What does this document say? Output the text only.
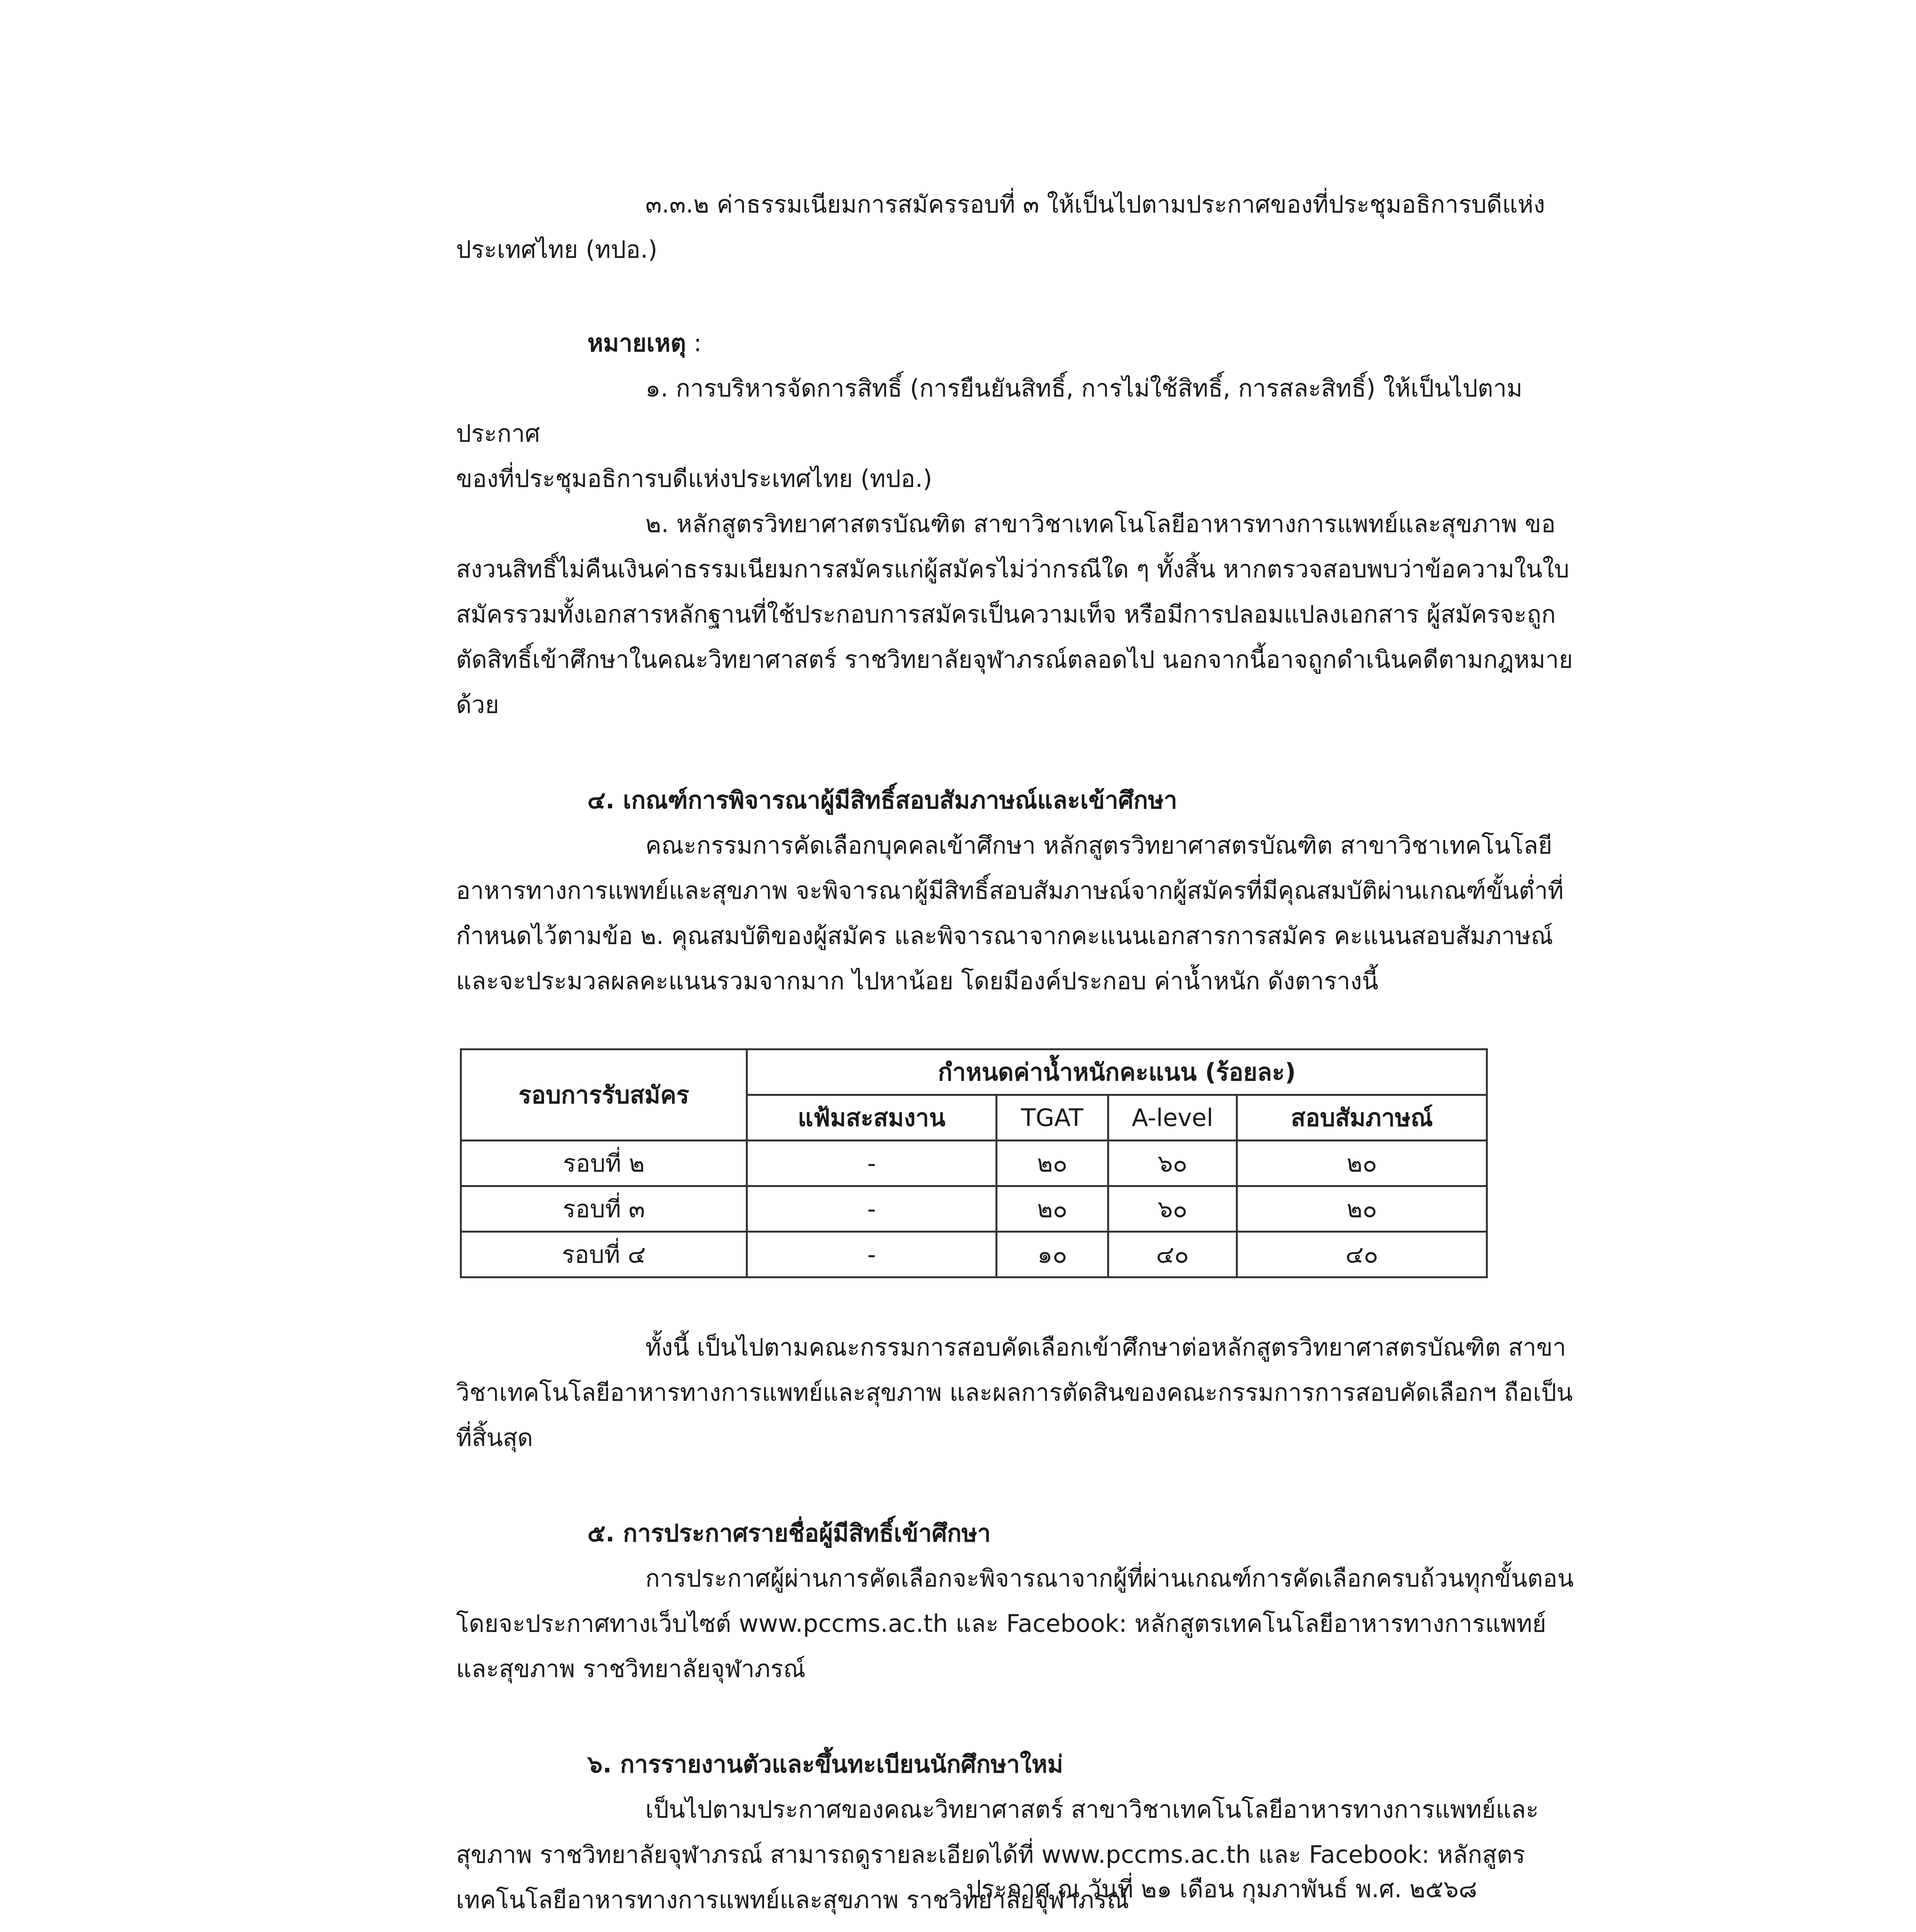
๓.๓.๒ ค่าธรรมเนียมการสมัครรอบที่ ๓ ให้เป็นไปตามประกาศของที่ประชุมอธิการบดีแห่ง

ประเทศไทย (ทปอ.)

หมายเหตุ :

๑. การบริหารจัดการสิทธิ์ (การยืนยันสิทธิ์, การไม่ใช้สิทธิ์, การสละสิทธิ์) ให้เป็นไปตามประกาศ

ของที่ประชุมอธิการบดีแห่งประเทศไทย (ทปอ.)

๒. หลักสูตรวิทยาศาสตรบัณฑิต สาขาวิชาเทคโนโลยีอาหารทางการแพทย์และสุขภาพ ขอ

สงวนสิทธิ์ไม่คืนเงินค่าธรรมเนียมการสมัครแก่ผู้สมัครไม่ว่ากรณีใด ๆ ทั้งสิ้น หากตรวจสอบพบว่าข้อความในใบ

สมัครรวมทั้งเอกสารหลักฐานที่ใช้ประกอบการสมัครเป็นความเท็จ หรือมีการปลอมแปลงเอกสาร ผู้สมัครจะถูก

ตัดสิทธิ์เข้าศึกษาในคณะวิทยาศาสตร์ ราชวิทยาลัยจุฬาภรณ์ตลอดไป นอกจากนี้อาจถูกดำเนินคดีตามกฎหมาย

ด้วย

๔. เกณฑ์การพิจารณาผู้มีสิทธิ์สอบสัมภาษณ์และเข้าศึกษา

คณะกรรมการคัดเลือกบุคคลเข้าศึกษา หลักสูตรวิทยาศาสตรบัณฑิต สาขาวิชาเทคโนโลยี

อาหารทางการแพทย์และสุขภาพ จะพิจารณาผู้มีสิทธิ์สอบสัมภาษณ์จากผู้สมัครที่มีคุณสมบัติผ่านเกณฑ์ขั้นต่ำที่

กำหนดไว้ตามข้อ ๒. คุณสมบัติของผู้สมัคร และพิจารณาจากคะแนนเอกสารการสมัคร คะแนนสอบสัมภาษณ์

และจะประมวลผลคะแนนรวมจากมาก ไปหาน้อย โดยมีองค์ประกอบ ค่าน้ำหนัก ดังตารางนี้

รอบการรับสมัคร	กำหนดค่าน้ำหนักคะแนน (ร้อยละ)			
	แฟ้มสะสมงาน	TGAT	A-level	สอบสัมภาษณ์
รอบที่ ๒	-	๒๐	๖๐	๒๐
รอบที่ ๓	-	๒๐	๖๐	๒๐
รอบที่ ๔	-	๑๐	๔๐	๔๐

ทั้งนี้ เป็นไปตามคณะกรรมการสอบคัดเลือกเข้าศึกษาต่อหลักสูตรวิทยาศาสตรบัณฑิต สาขา

วิชาเทคโนโลยีอาหารทางการแพทย์และสุขภาพ และผลการตัดสินของคณะกรรมการการสอบคัดเลือกฯ ถือเป็น

ที่สิ้นสุด

๕. การประกาศรายชื่อผู้มีสิทธิ์เข้าศึกษา

การประกาศผู้ผ่านการคัดเลือกจะพิจารณาจากผู้ที่ผ่านเกณฑ์การคัดเลือกครบถ้วนทุกขั้นตอน

โดยจะประกาศทางเว็บไซต์ www.pccms.ac.th และ Facebook: หลักสูตรเทคโนโลยีอาหารทางการแพทย์

และสุขภาพ ราชวิทยาลัยจุฬาภรณ์

๖. การรายงานตัวและขึ้นทะเบียนนักศึกษาใหม่

เป็นไปตามประกาศของคณะวิทยาศาสตร์ สาขาวิชาเทคโนโลยีอาหารทางการแพทย์และ

สุขภาพ ราชวิทยาลัยจุฬาภรณ์ สามารถดูรายละเอียดได้ที่ www.pccms.ac.th และ Facebook: หลักสูตร

เทคโนโลยีอาหารทางการแพทย์และสุขภาพ ราชวิทยาลัยจุฬาภรณ์

ประกาศ ณ วันที่ ๒๑ เดือน กุมภาพันธ์ พ.ศ. ๒๕๖๘
